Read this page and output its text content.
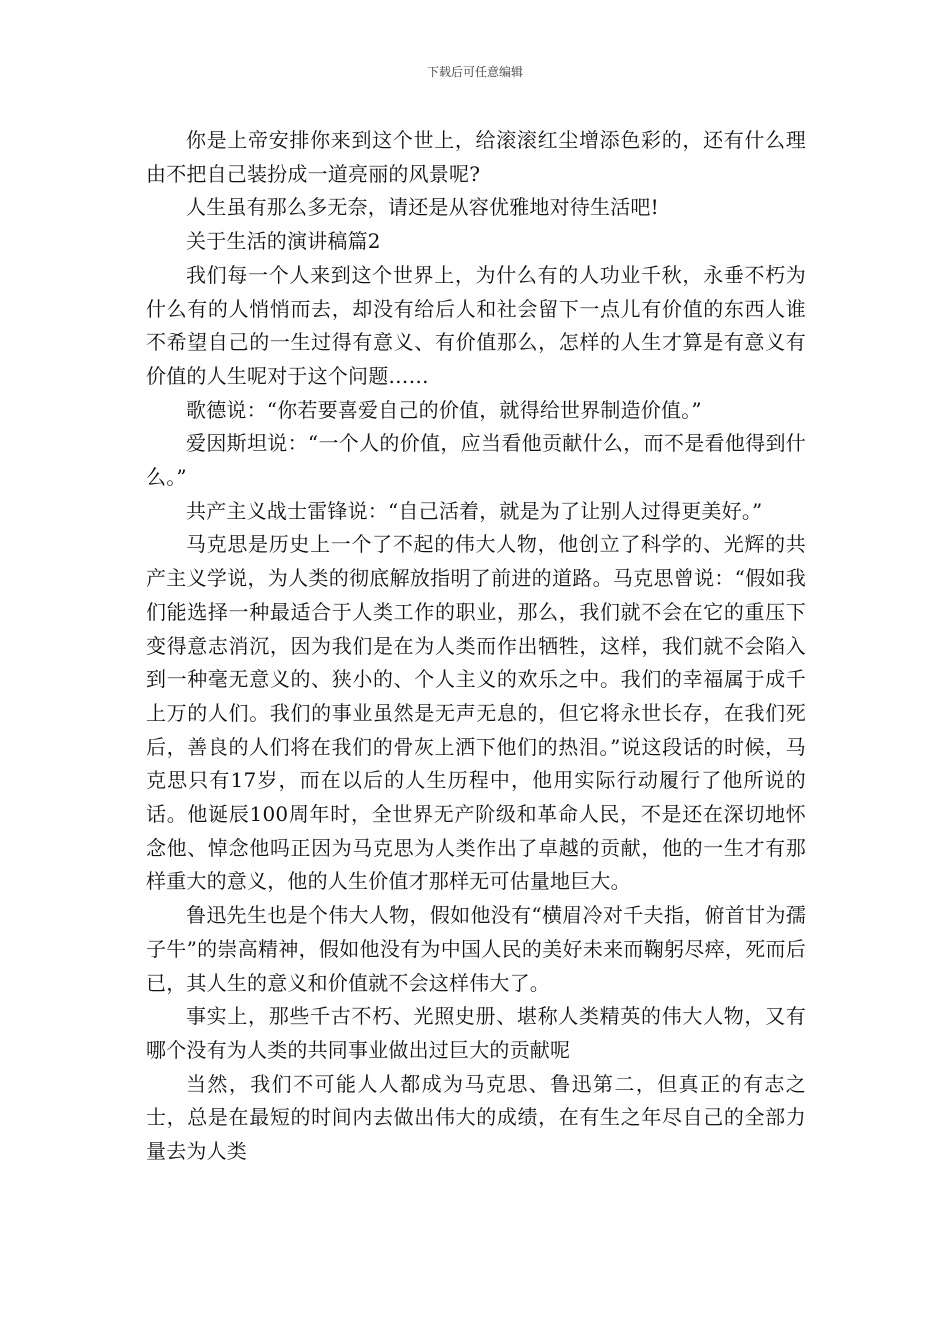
下载后可任意编辑

你是上帝安排你来到这个世上，给滚滚红尘增添色彩的，还有什么理由不把自己装扮成一道亮丽的风景呢?

人生虽有那么多无奈，请还是从容优雅地对待生活吧!

关于生活的演讲稿篇2

我们每一个人来到这个世界上，为什么有的人功业千秋，永垂不朽为什么有的人悄悄而去，却没有给后人和社会留下一点儿有价值的东西人谁不希望自己的一生过得有意义、有价值那么，怎样的人生才算是有意义有价值的人生呢对于这个问题……

歌德说：“你若要喜爱自己的价值，就得给世界制造价值。”

爱因斯坦说：“一个人的价值，应当看他贡献什么，而不是看他得到什么。”

共产主义战士雷锋说：“自己活着，就是为了让别人过得更美好。”

马克思是历史上一个了不起的伟大人物，他创立了科学的、光辉的共产主义学说，为人类的彻底解放指明了前进的道路。马克思曾说：“假如我们能选择一种最适合于人类工作的职业，那么，我们就不会在它的重压下变得意志消沉，因为我们是在为人类而作出牺牲，这样，我们就不会陷入到一种毫无意义的、狭小的、个人主义的欢乐之中。我们的幸福属于成千上万的人们。我们的事业虽然是无声无息的，但它将永世长存，在我们死后，善良的人们将在我们的骨灰上洒下他们的热泪。”说这段话的时候，马克思只有17岁，而在以后的人生历程中，他用实际行动履行了他所说的话。他诞辰100周年时，全世界无产阶级和革命人民，不是还在深切地怀念他、悼念他吗正因为马克思为人类作出了卓越的贡献，他的一生才有那样重大的意义，他的人生价值才那样无可估量地巨大。

鲁迅先生也是个伟大人物，假如他没有“横眉冷对千夫指，俯首甘为孺子牛”的崇高精神，假如他没有为中国人民的美好未来而鞠躬尽瘁，死而后已，其人生的意义和价值就不会这样伟大了。

事实上，那些千古不朽、光照史册、堪称人类精英的伟大人物，又有哪个没有为人类的共同事业做出过巨大的贡献呢

当然，我们不可能人人都成为马克思、鲁迅第二，但真正的有志之士，总是在最短的时间内去做出伟大的成绩，在有生之年尽自己的全部力量去为人类
